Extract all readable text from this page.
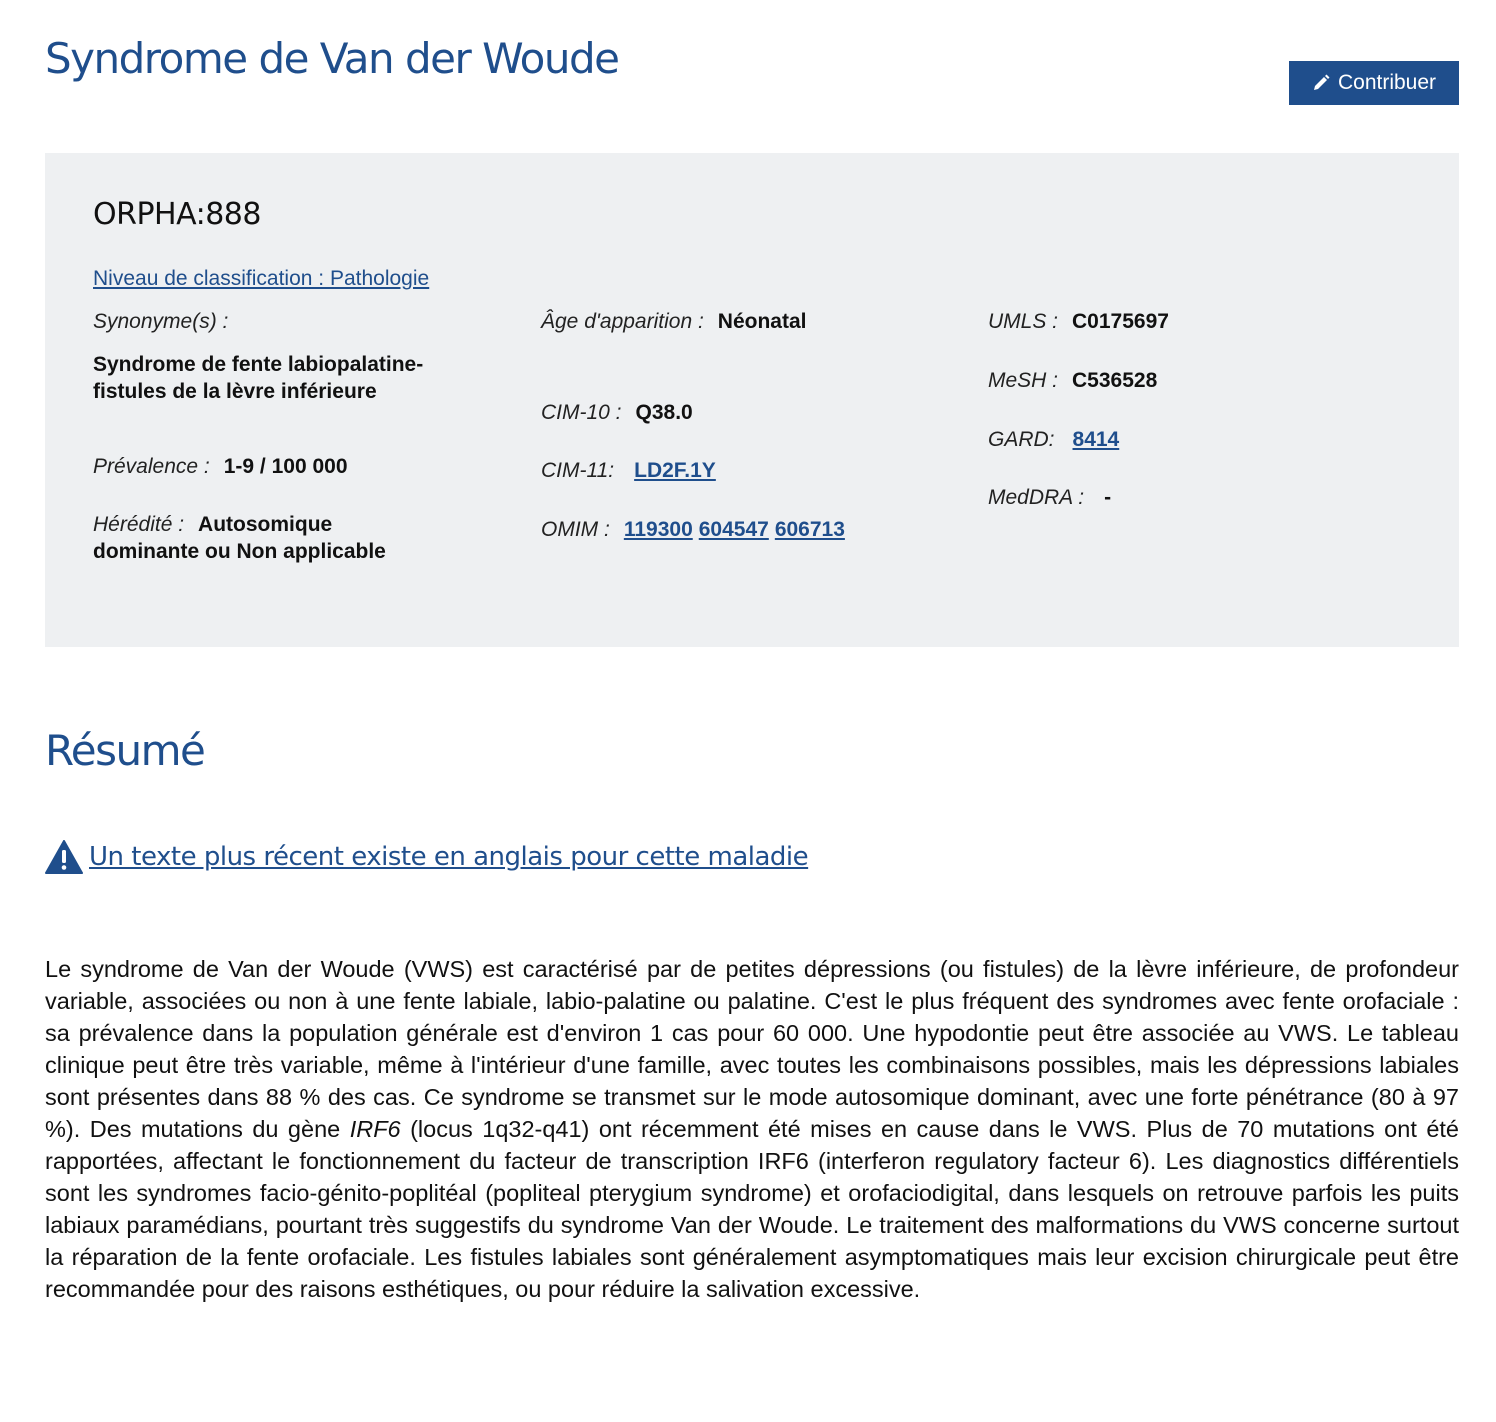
Syndrome de Van der Woude	Contribuer
ORPHA:888
Niveau de classification : Pathologie
Synonyme(s) :
Syndrome de fente labiopalatine-
fistules de la lèvre inférieure
Prévalence : 1-9 / 100 000
Hérédité : Autosomique
dominante ou Non applicable
Âge d'apparition : Néonatal
CIM-10 : Q38.0
CIM-11: LD2F.1Y
OMIM : 119300 604547 606713
UMLS : C0175697
MeSH : C536528
GARD: 8414
MedDRA : -
Résumé
Un texte plus récent existe en anglais pour cette maladie

Le syndrome de Van der Woude (VWS) est caractérisé par de petites dépressions (ou fistules) de la lèvre inférieure, de profondeur variable, associées ou non à une fente labiale, labio-palatine ou palatine. C'est le plus fréquent des syndromes avec fente orofaciale : sa prévalence dans la population générale est d'environ 1 cas pour 60 000. Une hypodontie peut être associée au VWS. Le tableau clinique peut être très variable, même à l'intérieur d'une famille, avec toutes les combinaisons possibles, mais les dépressions labiales sont présentes dans 88 % des cas. Ce syndrome se transmet sur le mode autosomique dominant, avec une forte pénétrance (80 à 97 %). Des mutations du gène IRF6 (locus 1q32-q41) ont récemment été mises en cause dans le VWS. Plus de 70 mutations ont été rapportées, affectant le fonctionnement du facteur de transcription IRF6 (interferon regulatory facteur 6). Les diagnostics différentiels sont les syndromes facio-génito-poplitéal (popliteal pterygium syndrome) et orofaciodigital, dans lesquels on retrouve parfois les puits labiaux paramédians, pourtant très suggestifs du syndrome Van der Woude. Le traitement des malformations du VWS concerne surtout la réparation de la fente orofaciale. Les fistules labiales sont généralement asymptomatiques mais leur excision chirurgicale peut être recommandée pour des raisons esthétiques, ou pour réduire la salivation excessive.
